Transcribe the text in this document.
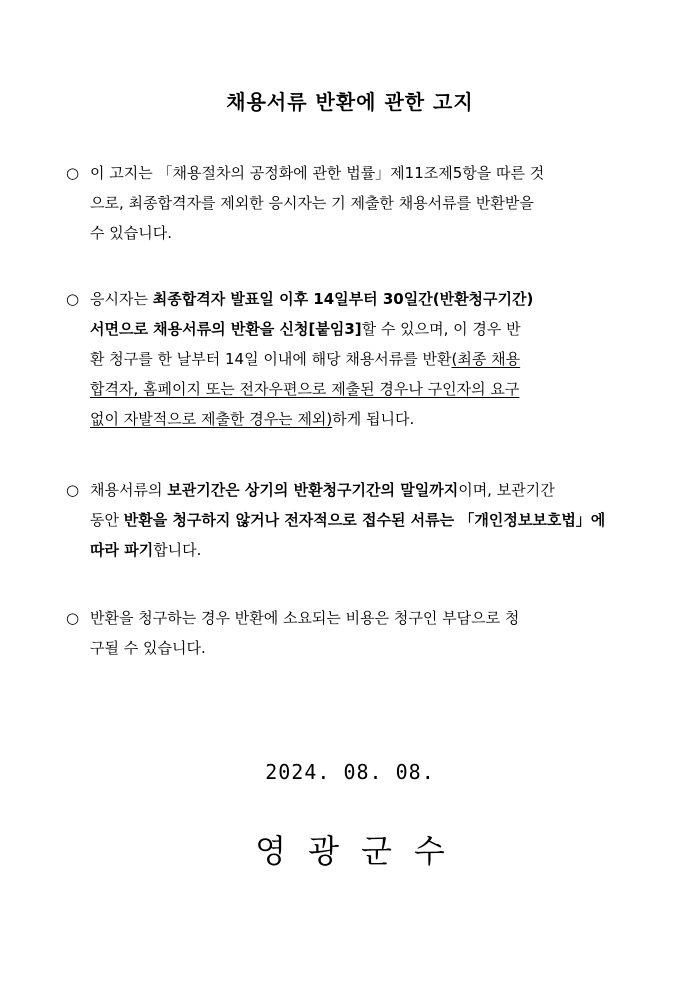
채용서류 반환에 관한 고지
○ 이 고지는 「채용절차의 공정화에 관한 법률」제11조제5항을 따른 것
으로, 최종합격자를 제외한 응시자는 기 제출한 채용서류를 반환받을
수 있습니다.
○ 응시자는 최종합격자 발표일 이후 14일부터 30일간(반환청구기간)
서면으로 채용서류의 반환을 신청[붙임3]할 수 있으며, 이 경우 반
환 청구를 한 날부터 14일 이내에 해당 채용서류를 반환(최종 채용
합격자, 홈페이지 또는 전자우편으로 제출된 경우나 구인자의 요구
없이 자발적으로 제출한 경우는 제외)하게 됩니다.
○ 채용서류의 보관기간은 상기의 반환청구기간의 말일까지이며, 보관기간
동안 반환을 청구하지 않거나 전자적으로 접수된 서류는 「개인정보보호법」에
따라 파기합니다.
○ 반환을 청구하는 경우 반환에 소요되는 비용은 청구인 부담으로 청
구될 수 있습니다.
2024. 08. 08.
영광군수
